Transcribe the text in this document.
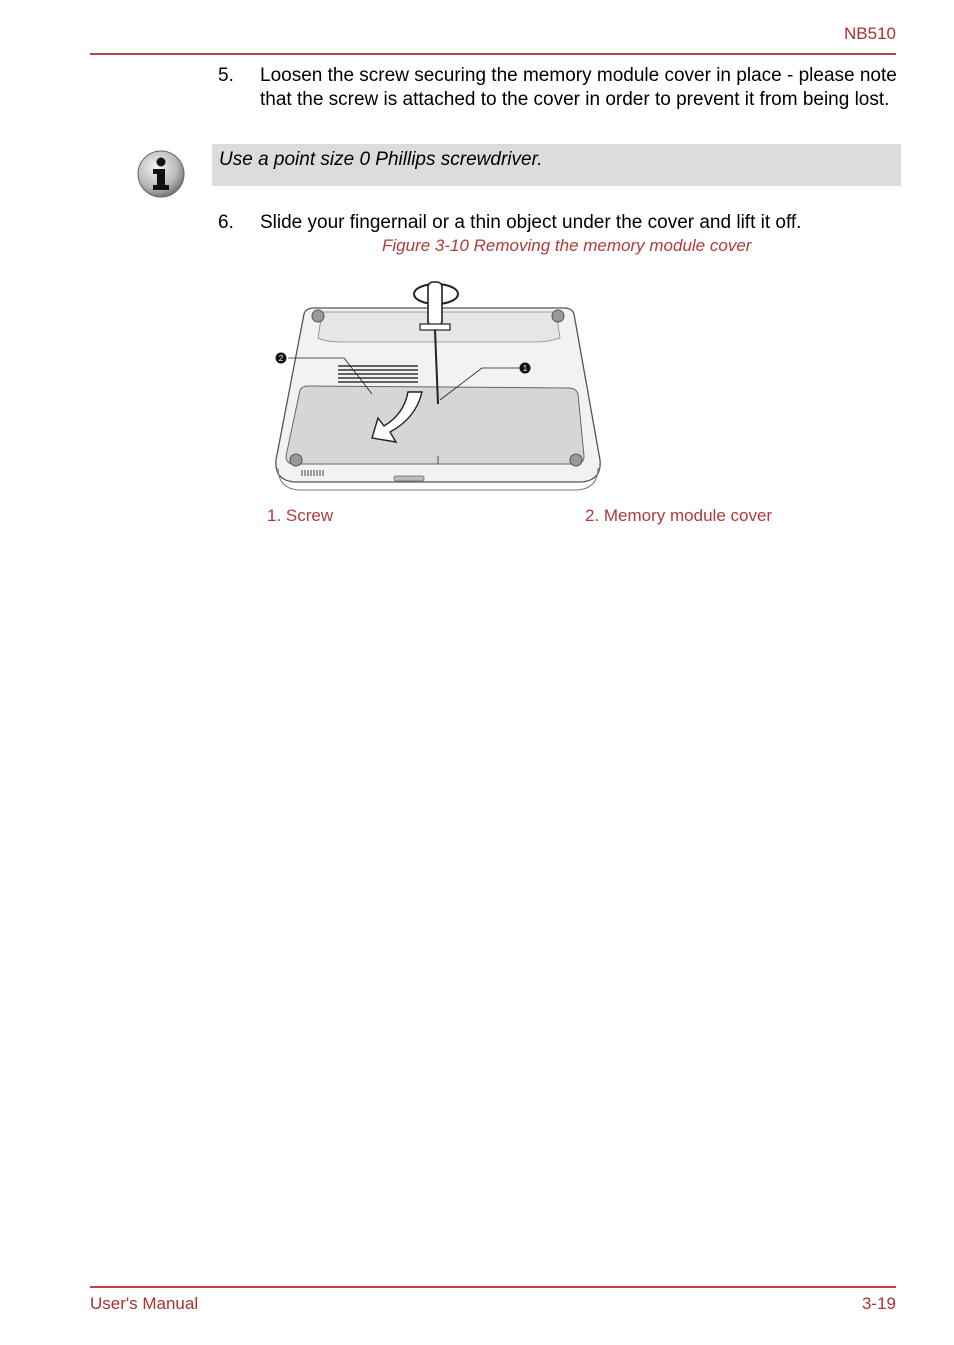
NB510
5. Loosen the screw securing the memory module cover in place - please note that the screw is attached to the cover in order to prevent it from being lost.
Use a point size 0 Phillips screwdriver.
6. Slide your fingernail or a thin object under the cover and lift it off.
Figure 3-10 Removing the memory module cover
2
1
1. Screw	2. Memory module cover
User's Manual	3-19
